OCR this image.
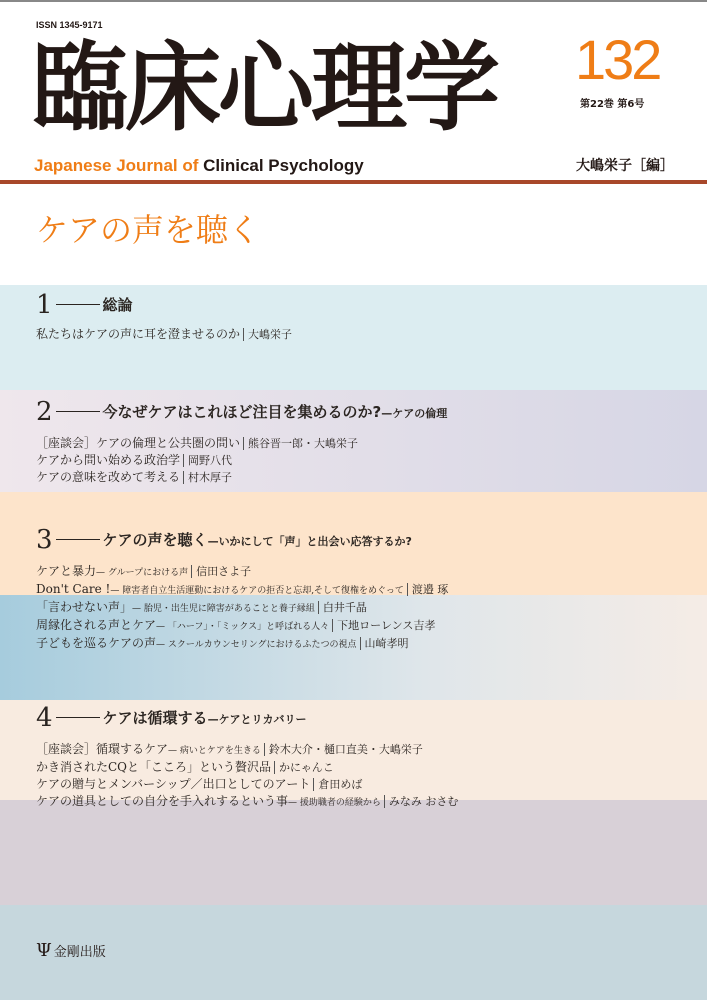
ISSN 1345-9171
臨床心理学	132
第22巻 第6号
Japanese Journal of Clinical Psychology	大嶋栄子［編］
ケアの声を聴く
1	総論
私たちはケアの声に耳を澄ませるのか 大嶋栄子
2	今なぜケアはこれほど注目を集めるのか?—ケアの倫理
［座談会］ケアの倫理と公共圏の問い 熊谷晋一郎・大嶋栄子
ケアから問い始める政治学 岡野八代
ケアの意味を改めて考える 村木厚子
3	ケアの声を聴く—いかにして「声」と出会い応答するか?
ケアと暴力— グループにおける声 信田さよ子
Don't Care !— 障害者自立生活運動におけるケアの拒否と忘却,そして復権をめぐって 渡邉 琢
「言わせない声」— 胎児・出生児に障害があることと養子縁組 白井千晶
周縁化される声とケア— 「ハーフ」・「ミックス」と呼ばれる人々 下地ローレンス吉孝
子どもを巡るケアの声— スクールカウンセリングにおけるふたつの視点 山崎孝明
4	ケアは循環する—ケアとリカバリー
［座談会］循環するケア— 病いとケアを生きる 鈴木大介・樋口直美・大嶋栄子
かき消されたCQと「こころ」という贅沢品 かにゃんこ
ケアの贈与とメンバーシップ／出口としてのアート 倉田めば
ケアの道具としての自分を手入れするという事— 援助職者の経験から みなみ おさむ
Ψ 金剛出版
